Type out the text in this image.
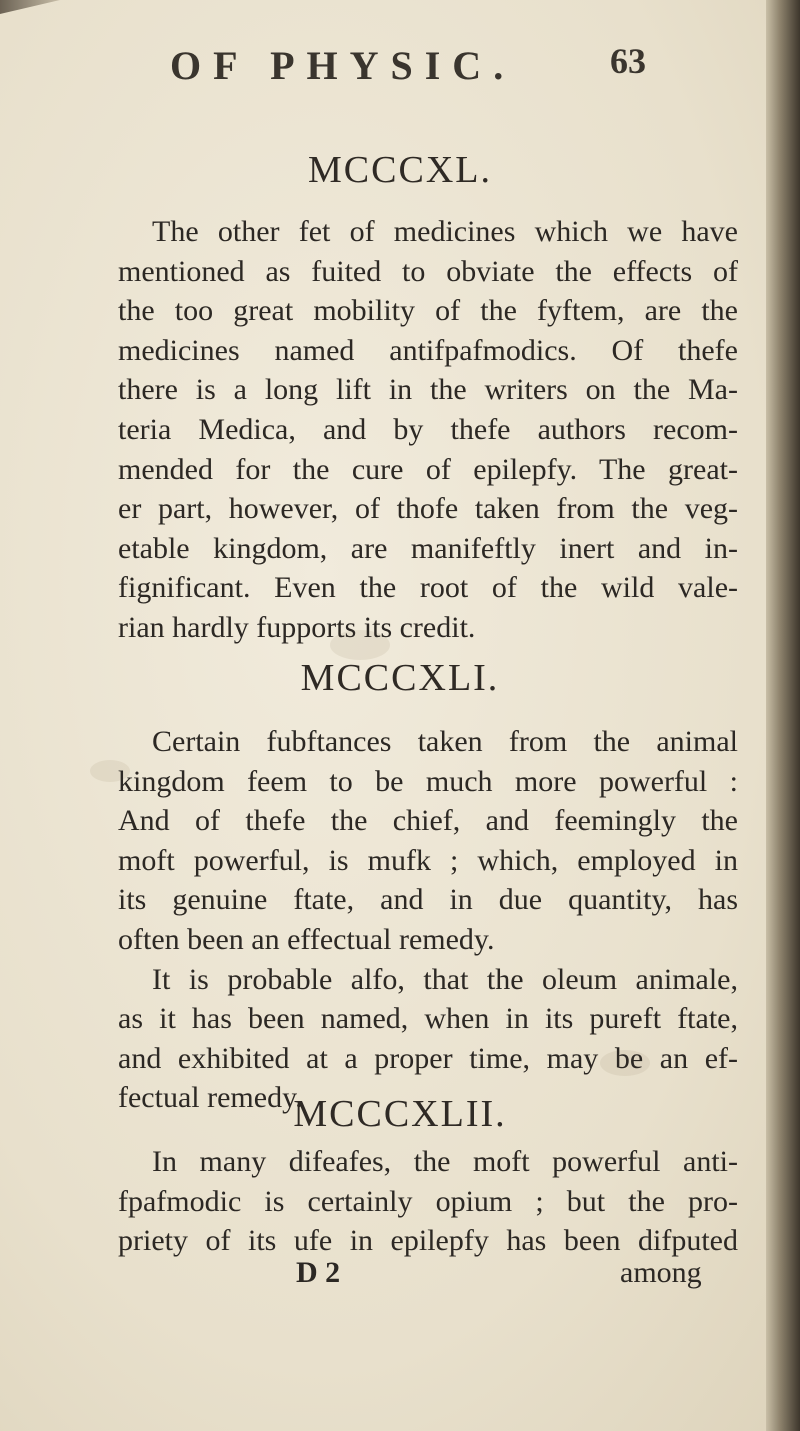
OF PHYSIC.	63
MCCCXL.
The other fet of medicines which we have
mentioned as fuited to obviate the effects of
the too great mobility of the fyftem, are the
medicines named antifpafmodics. Of thefe
there is a long lift in the writers on the Ma-
teria Medica, and by thefe authors recom-
mended for the cure of epilepfy. The great-
er part, however, of thofe taken from the veg-
etable kingdom, are manifeftly inert and in-
fignificant. Even the root of the wild vale-
rian hardly fupports its credit.
MCCCXLI.
Certain fubftances taken from the animal
kingdom feem to be much more powerful :
And of thefe the chief, and feemingly the
moft powerful, is mufk ; which, employed in
its genuine ftate, and in due quantity, has
often been an effectual remedy.
It is probable alfo, that the oleum animale,
as it has been named, when in its pureft ftate,
and exhibited at a proper time, may be an ef-
fectual remedy.
MCCCXLII.
In many difeafes, the moft powerful anti-
fpafmodic is certainly opium ; but the pro-
priety of its ufe in epilepfy has been difputed
D 2	among
